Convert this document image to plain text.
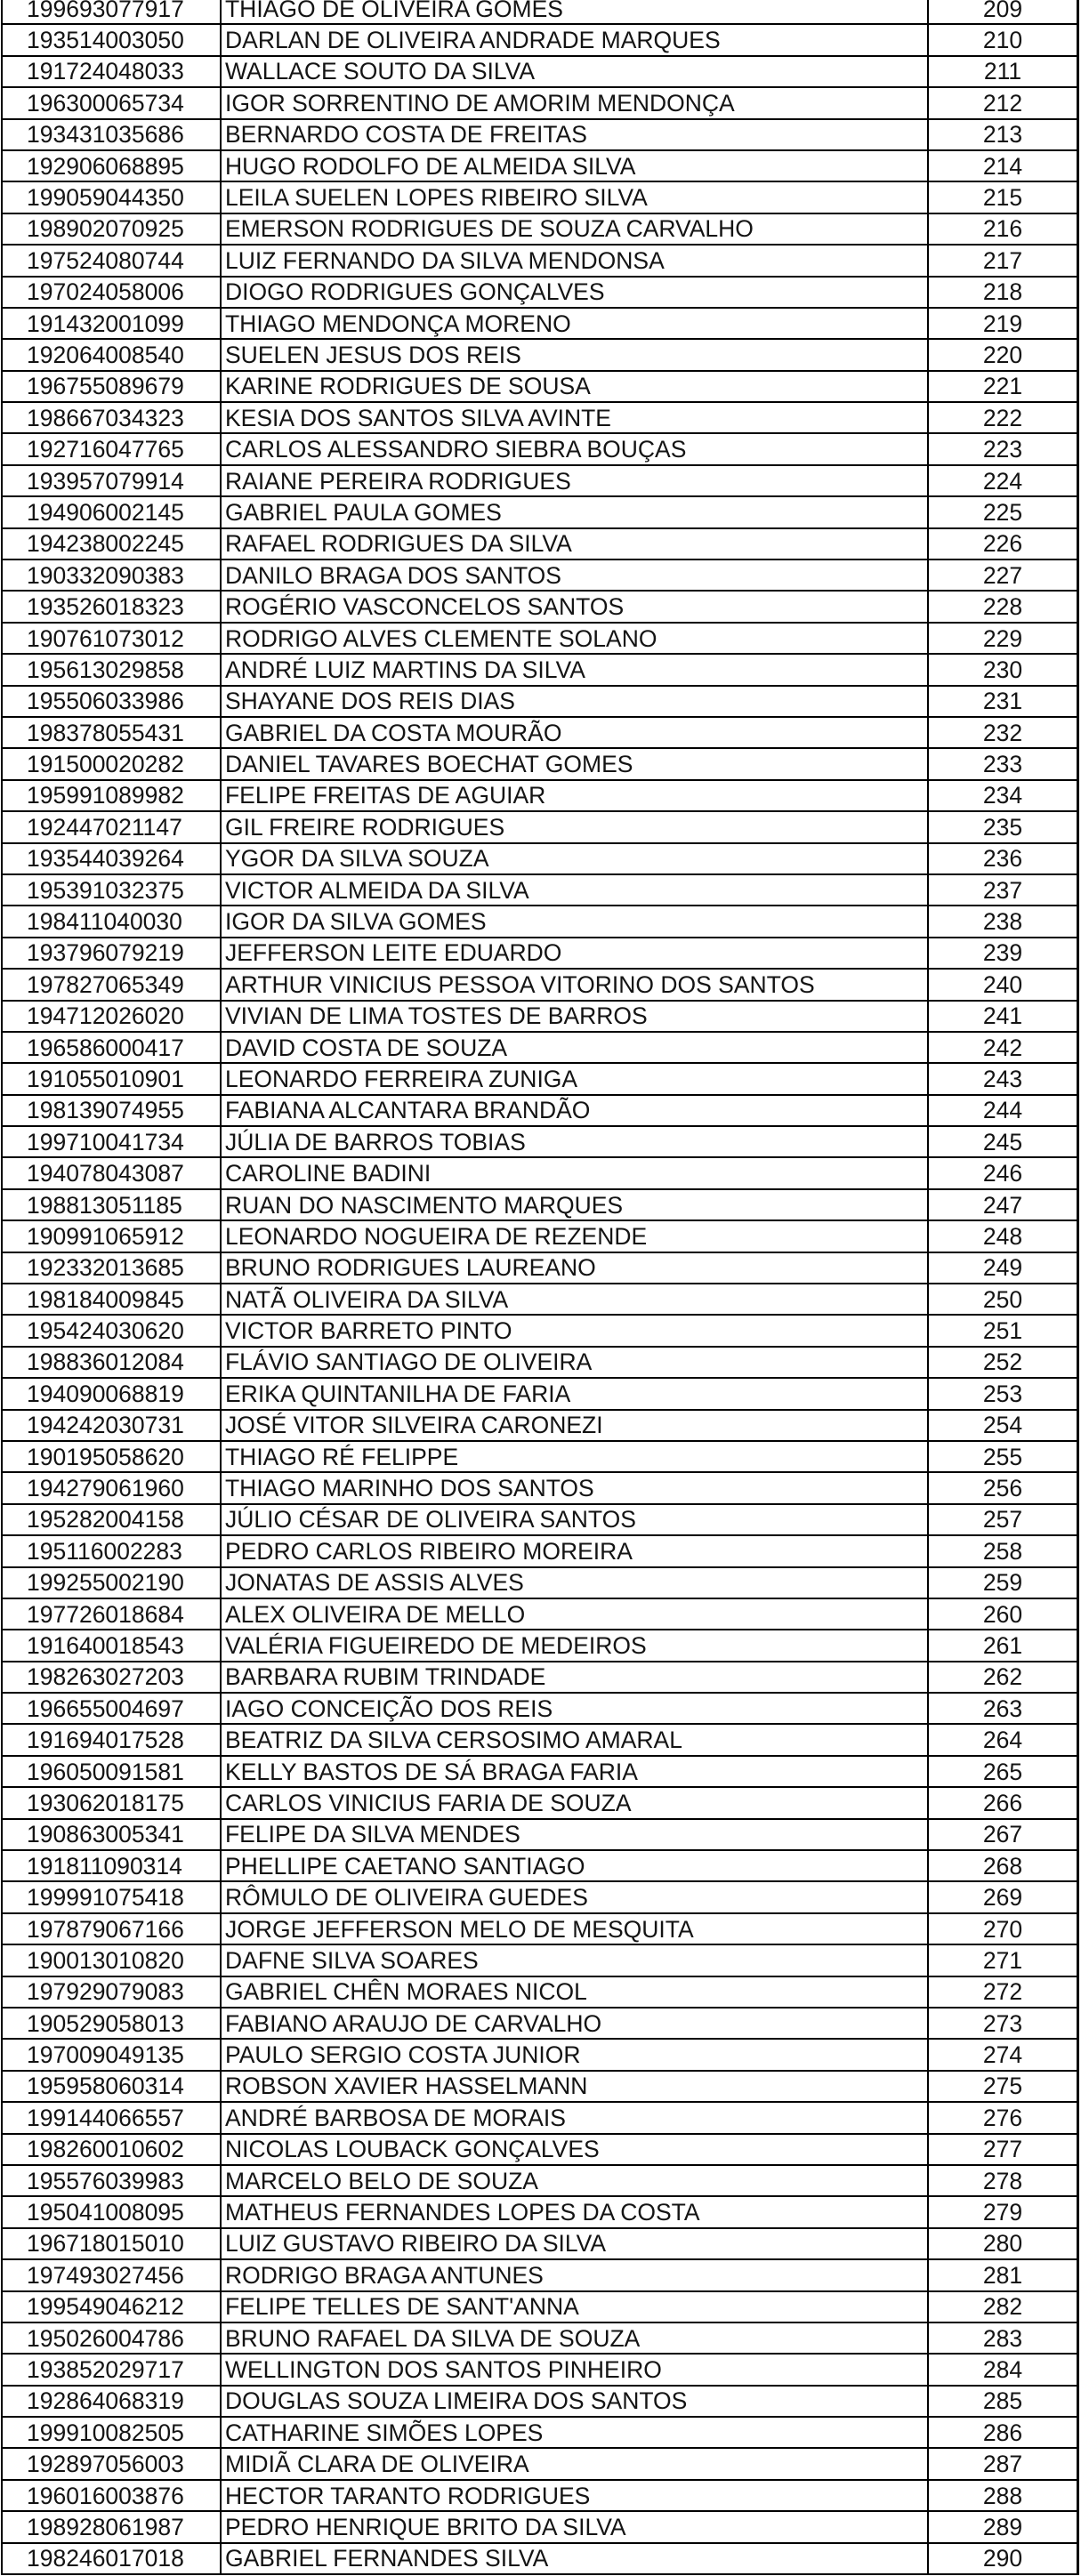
199693077917	THIAGO DE OLIVEIRA GOMES	209
193514003050	DARLAN DE OLIVEIRA ANDRADE MARQUES	210
191724048033	WALLACE SOUTO DA SILVA	211
196300065734	IGOR SORRENTINO DE AMORIM MENDONÇA	212
193431035686	BERNARDO COSTA DE FREITAS	213
192906068895	HUGO RODOLFO DE ALMEIDA SILVA	214
199059044350	LEILA SUELEN LOPES RIBEIRO SILVA	215
198902070925	EMERSON RODRIGUES DE SOUZA CARVALHO	216
197524080744	LUIZ FERNANDO DA SILVA MENDONSA	217
197024058006	DIOGO RODRIGUES GONÇALVES	218
191432001099	THIAGO MENDONÇA MORENO	219
192064008540	SUELEN JESUS DOS REIS	220
196755089679	KARINE RODRIGUES DE SOUSA	221
198667034323	KESIA DOS SANTOS SILVA AVINTE	222
192716047765	CARLOS ALESSANDRO SIEBRA BOUÇAS	223
193957079914	RAIANE PEREIRA RODRIGUES	224
194906002145	GABRIEL PAULA GOMES	225
194238002245	RAFAEL RODRIGUES DA SILVA	226
190332090383	DANILO BRAGA DOS SANTOS	227
193526018323	ROGÉRIO VASCONCELOS SANTOS	228
190761073012	RODRIGO ALVES CLEMENTE SOLANO	229
195613029858	ANDRÉ LUIZ MARTINS DA SILVA	230
195506033986	SHAYANE DOS REIS DIAS	231
198378055431	GABRIEL DA COSTA MOURÃO	232
191500020282	DANIEL TAVARES BOECHAT GOMES	233
195991089982	FELIPE FREITAS DE AGUIAR	234
192447021147	GIL FREIRE RODRIGUES	235
193544039264	YGOR DA SILVA SOUZA	236
195391032375	VICTOR ALMEIDA DA SILVA	237
198411040030	IGOR DA SILVA GOMES	238
193796079219	JEFFERSON LEITE EDUARDO	239
197827065349	ARTHUR VINICIUS PESSOA VITORINO DOS SANTOS	240
194712026020	VIVIAN DE LIMA TOSTES DE BARROS	241
196586000417	DAVID COSTA DE SOUZA	242
191055010901	LEONARDO FERREIRA ZUNIGA	243
198139074955	FABIANA ALCANTARA BRANDÃO	244
199710041734	JÚLIA DE BARROS TOBIAS	245
194078043087	CAROLINE BADINI	246
198813051185	RUAN DO NASCIMENTO MARQUES	247
190991065912	LEONARDO NOGUEIRA DE REZENDE	248
192332013685	BRUNO RODRIGUES LAUREANO	249
198184009845	NATÃ OLIVEIRA DA SILVA	250
195424030620	VICTOR BARRETO PINTO	251
198836012084	FLÁVIO SANTIAGO DE OLIVEIRA	252
194090068819	ERIKA QUINTANILHA DE FARIA	253
194242030731	JOSÉ VITOR SILVEIRA CARONEZI	254
190195058620	THIAGO RÉ FELIPPE	255
194279061960	THIAGO MARINHO DOS SANTOS	256
195282004158	JÚLIO CÉSAR DE OLIVEIRA SANTOS	257
195116002283	PEDRO CARLOS RIBEIRO MOREIRA	258
199255002190	JONATAS DE ASSIS ALVES	259
197726018684	ALEX OLIVEIRA DE MELLO	260
191640018543	VALÉRIA FIGUEIREDO DE MEDEIROS	261
198263027203	BARBARA RUBIM TRINDADE	262
196655004697	IAGO CONCEIÇÃO DOS REIS	263
191694017528	BEATRIZ DA SILVA CERSOSIMO AMARAL	264
196050091581	KELLY BASTOS DE SÁ BRAGA FARIA	265
193062018175	CARLOS VINICIUS FARIA DE SOUZA	266
190863005341	FELIPE DA SILVA MENDES	267
191811090314	PHELLIPE CAETANO SANTIAGO	268
199991075418	RÔMULO DE OLIVEIRA GUEDES	269
197879067166	JORGE JEFFERSON MELO DE MESQUITA	270
190013010820	DAFNE SILVA SOARES	271
197929079083	GABRIEL CHÊN MORAES NICOL	272
190529058013	FABIANO ARAUJO DE CARVALHO	273
197009049135	PAULO SERGIO COSTA JUNIOR	274
195958060314	ROBSON XAVIER HASSELMANN	275
199144066557	ANDRÉ BARBOSA DE MORAIS	276
198260010602	NICOLAS LOUBACK GONÇALVES	277
195576039983	MARCELO BELO DE SOUZA	278
195041008095	MATHEUS FERNANDES LOPES DA COSTA	279
196718015010	LUIZ GUSTAVO RIBEIRO DA SILVA	280
197493027456	RODRIGO BRAGA ANTUNES	281
199549046212	FELIPE TELLES DE SANT'ANNA	282
195026004786	BRUNO RAFAEL DA SILVA DE SOUZA	283
193852029717	WELLINGTON DOS SANTOS PINHEIRO	284
192864068319	DOUGLAS SOUZA LIMEIRA DOS SANTOS	285
199910082505	CATHARINE SIMÕES LOPES	286
192897056003	MIDIÃ CLARA DE OLIVEIRA	287
196016003876	HECTOR TARANTO RODRIGUES	288
198928061987	PEDRO HENRIQUE BRITO DA SILVA	289
198246017018	GABRIEL FERNANDES SILVA	290
